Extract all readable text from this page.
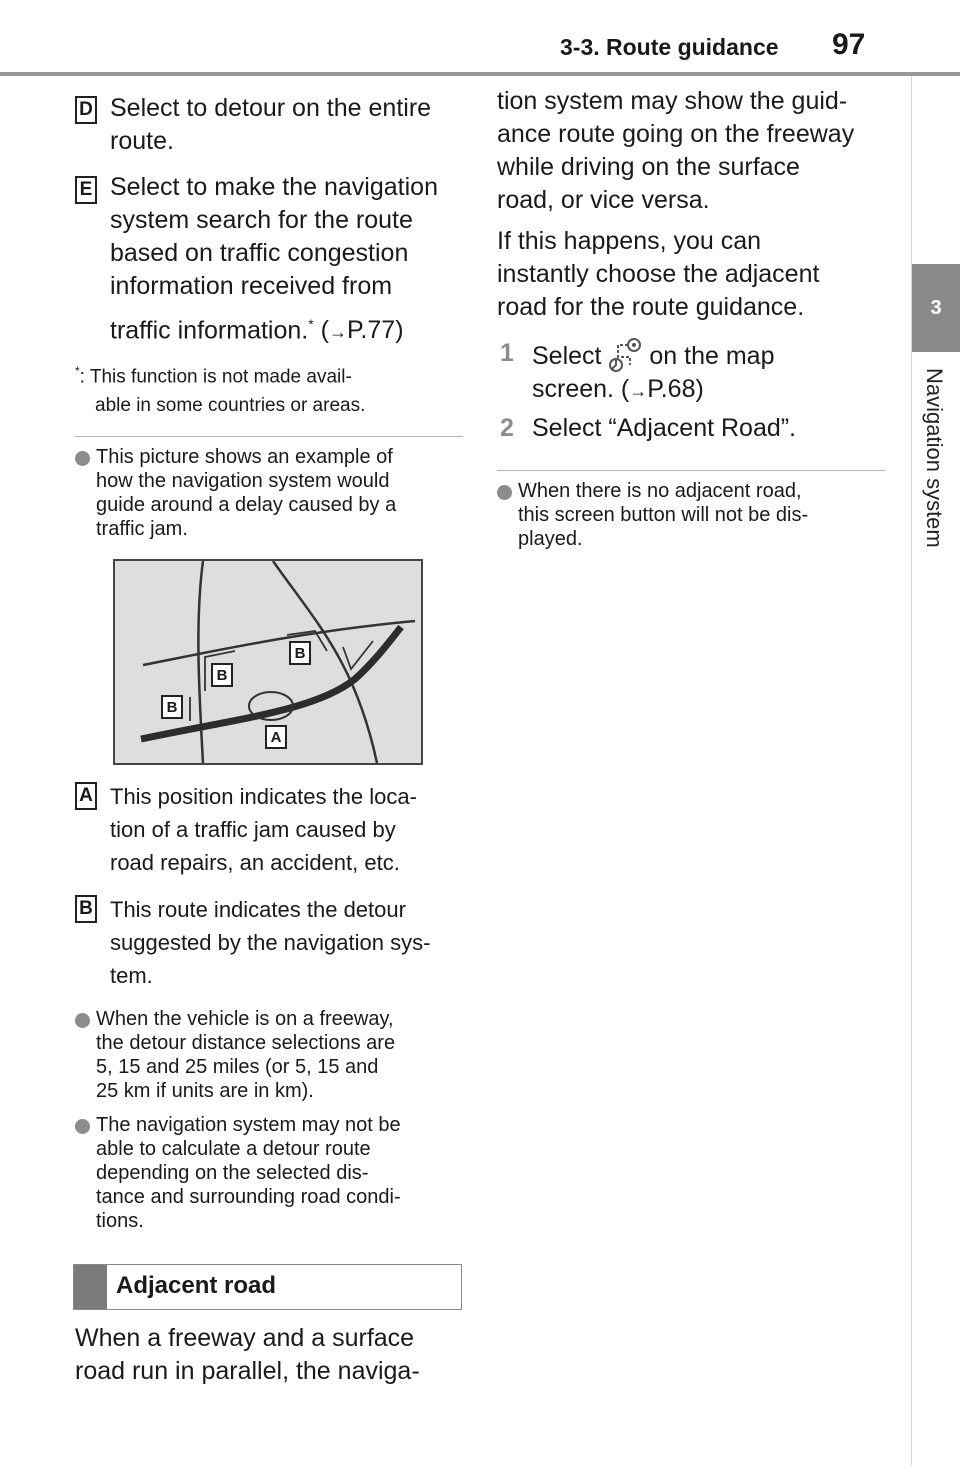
3-3. Route guidance 97
3
Navigation system
D Select to detour on the entire
route.
E Select to make the navigation
system search for the route
based on traffic congestion
information received from
traffic information.* (→P.77)
*: This function is not made avail-
able in some countries or areas.
This picture shows an example of
how the navigation system would
guide around a delay caused by a
traffic jam.
A
B
B
B
A This position indicates the loca-
tion of a traffic jam caused by
road repairs, an accident, etc.
B This route indicates the detour
suggested by the navigation sys-
tem.
When the vehicle is on a freeway,
the detour distance selections are
5, 15 and 25 miles (or 5, 15 and
25 km if units are in km).
The navigation system may not be
able to calculate a detour route
depending on the selected dis-
tance and surrounding road condi-
tions.
Adjacent road
When a freeway and a surface
road run in parallel, the naviga-
tion system may show the guid-
ance route going on the freeway
while driving on the surface
road, or vice versa.
If this happens, you can
instantly choose the adjacent
road for the route guidance.
1 Select on the map
screen. (→P.68)
2 Select “Adjacent Road”.
When there is no adjacent road,
this screen button will not be dis-
played.
